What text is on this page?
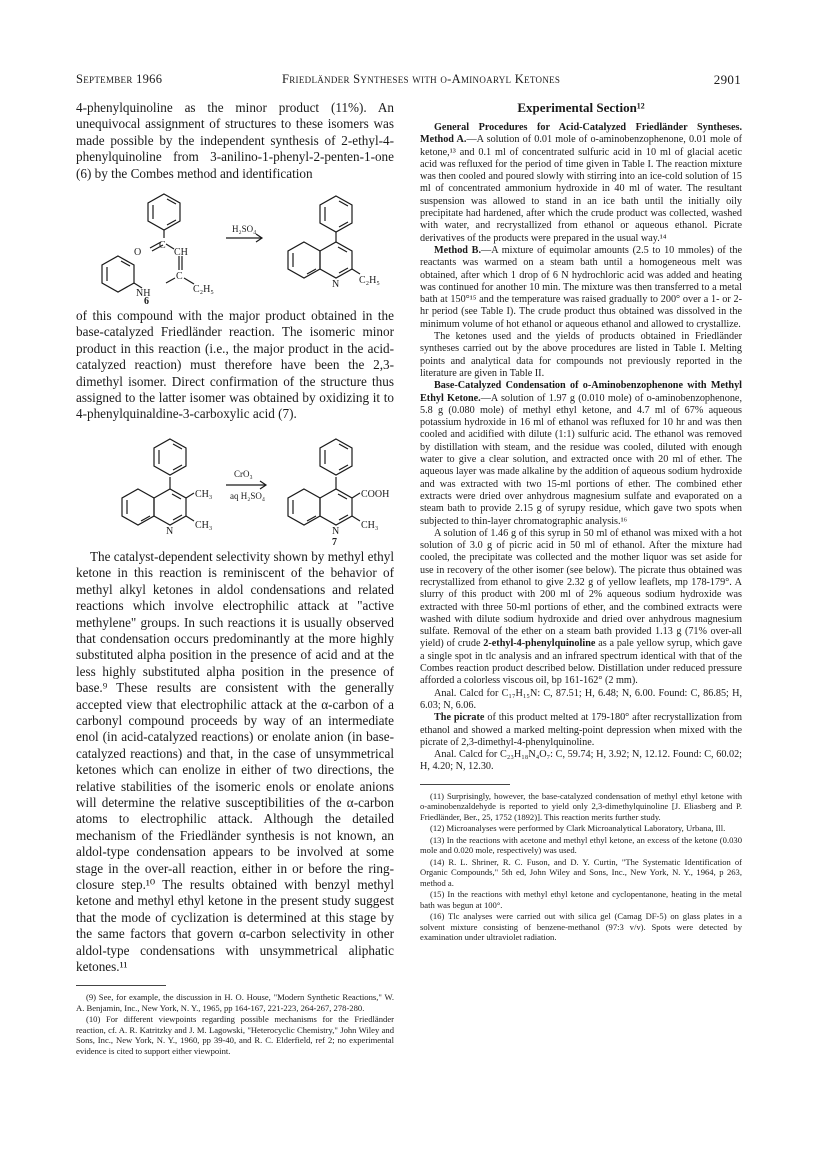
September 1966	Friedländer Syntheses with o-Aminoaryl Ketones	2901

4-phenylquinoline as the minor product (11%). An unequivocal assignment of structures to these isomers was made possible by the independent synthesis of 2-ethyl-4-phenylquinoline from 3-anilino-1-phenyl-2-penten-1-one (6) by the Combes method and identification

O
C
CH
C
NH	C₂H₅
H₂SO₄
N C₂H₅
6

of this compound with the major product obtained in the base-catalyzed Friedländer reaction. The isomeric minor product in this reaction (i.e., the major product in the acid-catalyzed reaction) must therefore have been the 2,3-dimethyl isomer. Direct confirmation of the structure thus assigned to the latter isomer was obtained by oxidizing it to 4-phenylquinaldine-3-carboxylic acid (7).

CH₃
CH₃
N
CrO₃
aq H₂SO₄	COOH
N
CH₃
7

The catalyst-dependent selectivity shown by methyl ethyl ketone in this reaction is reminiscent of the behavior of methyl alkyl ketones in aldol condensations and related reactions which involve electrophilic attack at "active methylene" groups. In such reactions it is usually observed that condensation occurs predominantly at the more highly substituted alpha position in the presence of acid and at the less highly substituted alpha position in the presence of base.⁹ These results are consistent with the generally accepted view that electrophilic attack at the α-carbon of a carbonyl compound proceeds by way of an intermediate enol (in acid-catalyzed reactions) or enolate anion (in base-catalyzed reactions) and that, in the case of unsymmetrical ketones which can enolize in either of two directions, the relative stabilities of the isomeric enols or enolate anions will determine the relative susceptibilities of the α-carbon atoms to electrophilic attack. Although the detailed mechanism of the Friedländer synthesis is not known, an aldol-type condensation appears to be involved at some stage in the over-all reaction, either in or before the ring-closure step.¹⁰ The results obtained with benzyl methyl ketone and methyl ethyl ketone in the present study suggest that the mode of cyclization is determined at this stage by the same factors that govern α-carbon selectivity in other aldol-type condensations with unsymmetrical aliphatic ketones.¹¹

(9) See, for example, the discussion in H. O. House, "Modern Synthetic Reactions," W. A. Benjamin, Inc., New York, N. Y., 1965, pp 164-167, 221-223, 264-267, 278-280.

(10) For different viewpoints regarding possible mechanisms for the Friedländer reaction, cf. A. R. Katritzky and J. M. Lagowski, "Heterocyclic Chemistry," John Wiley and Sons, Inc., New York, N. Y., 1960, pp 39-40, and R. C. Elderfield, ref 2; no experimental evidence is cited to support either viewpoint.

Experimental Section¹²

General Procedures for Acid-Catalyzed Friedländer Syntheses. Method A.—A solution of 0.01 mole of o-aminobenzophenone, 0.01 mole of ketone,¹³ and 0.1 ml of concentrated sulfuric acid in 10 ml of glacial acetic acid was refluxed for the period of time given in Table I. The reaction mixture was then cooled and poured slowly with stirring into an ice-cold solution of 15 ml of concentrated ammonium hydroxide in 40 ml of water. The resultant suspension was allowed to stand in an ice bath until the initially oily precipitate had hardened, after which the crude product was collected, washed with water, and recrystallized from ethanol or aqueous ethanol. Picrate derivatives of the products were prepared in the usual way.¹⁴

Method B.—A mixture of equimolar amounts (2.5 to 10 mmoles) of the reactants was warmed on a steam bath until a homogeneous melt was obtained, after which 1 drop of 6 N hydrochloric acid was added and heating was continued for another 10 min. The mixture was then transferred to a metal bath at 150°¹⁵ and the temperature was raised gradually to 200° over a 1- or 2-hr period (see Table I). The crude product thus obtained was dissolved in the minimum volume of hot ethanol or aqueous ethanol and allowed to crystallize.

The ketones used and the yields of products obtained in Friedländer syntheses carried out by the above procedures are listed in Table I. Melting points and analytical data for compounds not previously reported in the literature are given in Table II.

Base-Catalyzed Condensation of o-Aminobenzophenone with Methyl Ethyl Ketone.—A solution of 1.97 g (0.010 mole) of o-aminobenzophenone, 5.8 g (0.080 mole) of methyl ethyl ketone, and 4.7 ml of 67% aqueous potassium hydroxide in 16 ml of ethanol was refluxed for 10 hr and was then cooled and acidified with dilute (1:1) sulfuric acid. The ethanol was removed by distillation with steam, and the residue was cooled, diluted with enough water to give a clear solution, and extracted once with 20 ml of ether. The aqueous layer was made alkaline by the addition of aqueous sodium hydroxide and was extracted with two 15-ml portions of ether. The combined ether extracts were dried over anhydrous magnesium sulfate and evaporated on a steam bath to provide 2.15 g of syrupy residue, which gave two spots when subjected to thin-layer chromatographic analysis.¹⁶

A solution of 1.46 g of this syrup in 50 ml of ethanol was mixed with a hot solution of 3.0 g of picric acid in 50 ml of ethanol. After the mixture had cooled, the precipitate was collected and the mother liquor was set aside for use in recovery of the other isomer (see below). The picrate thus obtained was recrystallized from ethanol to give 2.32 g of yellow leaflets, mp 178-179°. A slurry of this product with 200 ml of 2% aqueous sodium hydroxide was extracted with three 50-ml portions of ether, and the combined extracts were washed with dilute sodium hydroxide and dried over anhydrous magnesium sulfate. Removal of the ether on a steam bath provided 1.13 g (71% over-all yield) of crude 2-ethyl-4-phenylquinoline as a pale yellow syrup, which gave a single spot in tlc analysis and an infrared spectrum identical with that of the Combes reaction product described below. Distillation under reduced pressure afforded a colorless viscous oil, bp 161-162° (2 mm).

Anal. Calcd for C₁₇H₁₅N: C, 87.51; H, 6.48; N, 6.00. Found: C, 86.85; H, 6.03; N, 6.06.

The picrate of this product melted at 179-180° after recrystallization from ethanol and showed a marked melting-point depression when mixed with the picrate of 2,3-dimethyl-4-phenylquinoline.

Anal. Calcd for C₂₃H₁₈N₄O₇: C, 59.74; H, 3.92; N, 12.12. Found: C, 60.02; H, 4.20; N, 12.30.

(11) Surprisingly, however, the base-catalyzed condensation of methyl ethyl ketone with o-aminobenzaldehyde is reported to yield only 2,3-dimethylquinoline [J. Eliasberg and P. Friedländer, Ber., 25, 1752 (1892)]. This reaction merits further study.

(12) Microanalyses were performed by Clark Microanalytical Laboratory, Urbana, Ill.

(13) In the reactions with acetone and methyl ethyl ketone, an excess of the ketone (0.030 mole and 0.020 mole, respectively) was used.

(14) R. L. Shriner, R. C. Fuson, and D. Y. Curtin, "The Systematic Identification of Organic Compounds," 5th ed, John Wiley and Sons, Inc., New York, N. Y., 1964, p 263, method a.

(15) In the reactions with methyl ethyl ketone and cyclopentanone, heating in the metal bath was begun at 100°.

(16) Tlc analyses were carried out with silica gel (Camag DF-5) on glass plates in a solvent mixture consisting of benzene-methanol (97:3 v/v). Spots were detected by examination under ultraviolet radiation.
